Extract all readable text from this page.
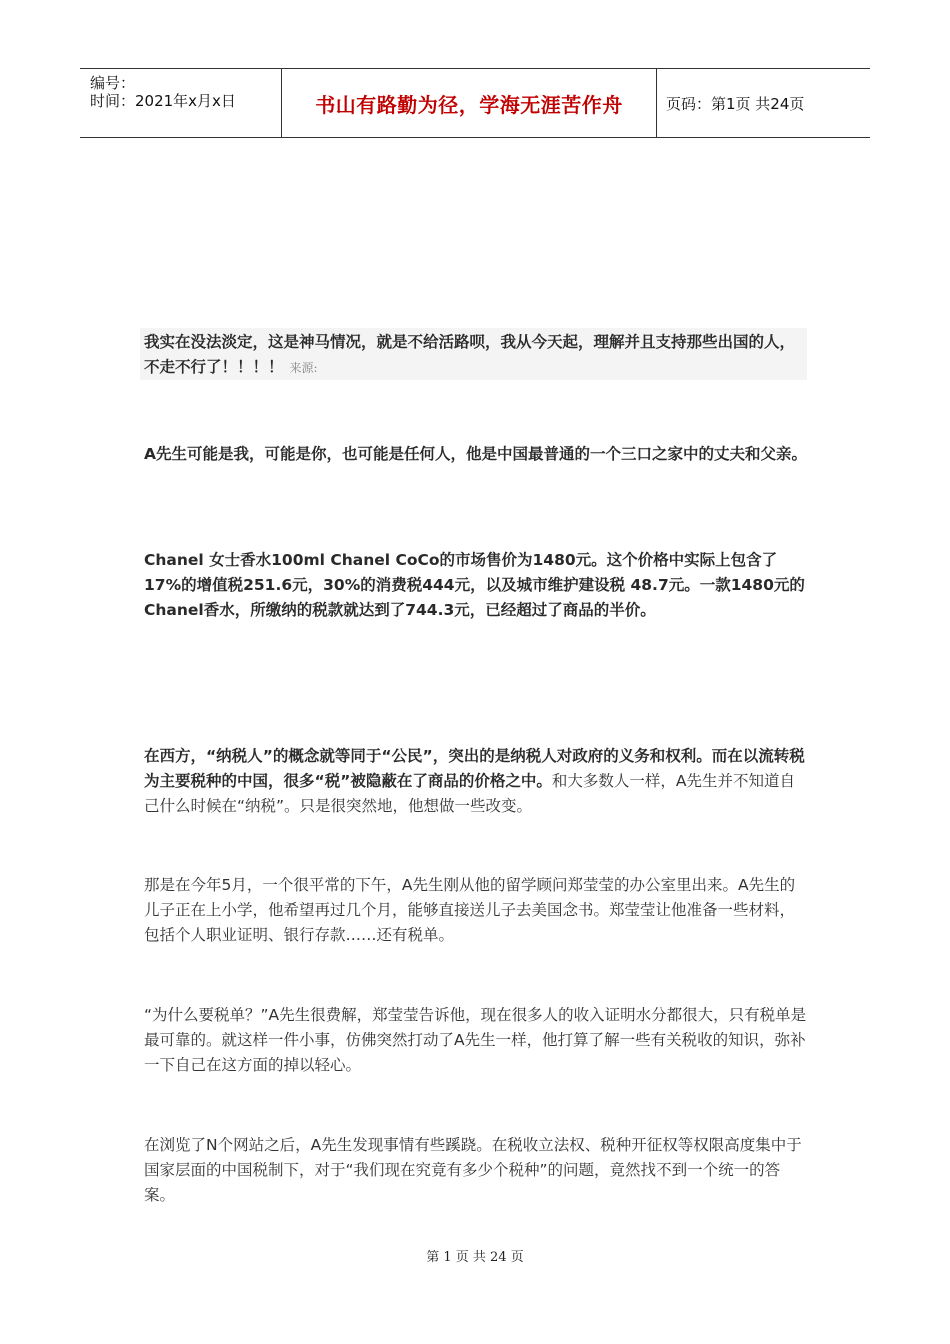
编号：
时间：2021年x月x日	书山有路勤为径，学海无涯苦作舟	页码：第1页 共24页
我实在没法淡定，这是神马情况，就是不给活路呗，我从今天起，理解并且支持那些出国的人，不走不行了！！！！ 来源:
A先生可能是我，可能是你，也可能是任何人，他是中国最普通的一个三口之家中的丈夫和父亲。
Chanel 女士香水100ml Chanel CoCo的市场售价为1480元。这个价格中实际上包含了17%的增值税251.6元，30%的消费税444元，以及城市维护建设税 48.7元。一款1480元的Chanel香水，所缴纳的税款就达到了744.3元，已经超过了商品的半价。
在西方，“纳税人”的概念就等同于“公民”，突出的是纳税人对政府的义务和权利。而在以流转税为主要税种的中国，很多“税”被隐蔽在了商品的价格之中。和大多数人一样，A先生并不知道自己什么时候在“纳税”。只是很突然地，他想做一些改变。
那是在今年5月，一个很平常的下午，A先生刚从他的留学顾问郑莹莹的办公室里出来。A先生的儿子正在上小学，他希望再过几个月，能够直接送儿子去美国念书。郑莹莹让他准备一些材料，包括个人职业证明、银行存款……还有税单。
“为什么要税单？”A先生很费解，郑莹莹告诉他，现在很多人的收入证明水分都很大，只有税单是最可靠的。就这样一件小事，仿佛突然打动了A先生一样，他打算了解一些有关税收的知识，弥补一下自己在这方面的掉以轻心。
在浏览了N个网站之后，A先生发现事情有些蹊跷。在税收立法权、税种开征权等权限高度集中于国家层面的中国税制下，对于“我们现在究竟有多少个税种”的问题，竟然找不到一个统一的答案。
第 1 页 共 24 页
